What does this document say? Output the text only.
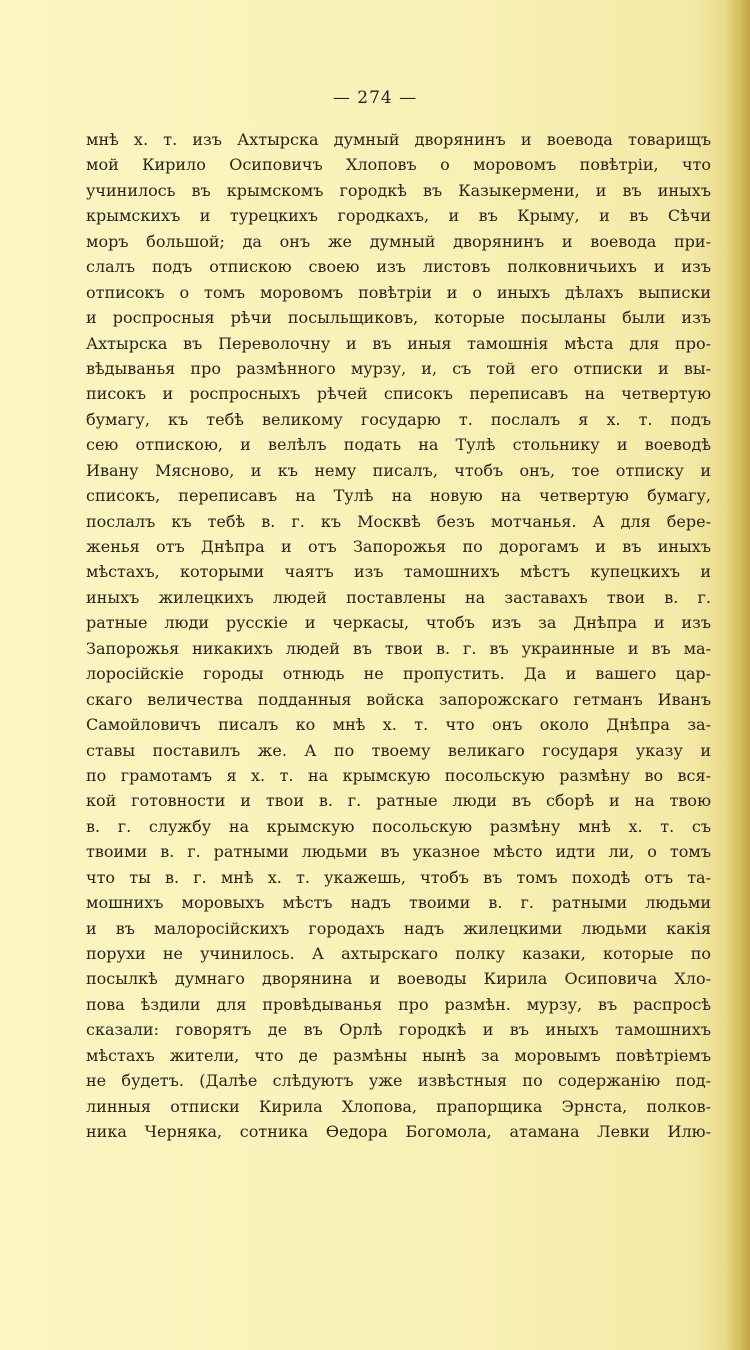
— 274 —
мнѣ х. т. изъ Ахтырска думный дворянинъ и воевода товарищъ
мой Кирило Осиповичъ Хлоповъ о моровомъ повѣтріи, что
учинилось въ крымскомъ городкѣ въ Казыкермени, и въ иныхъ
крымскихъ и турецкихъ городкахъ, и въ Крыму, и въ Сѣчи
моръ большой; да онъ же думный дворянинъ и воевода при-
слалъ подъ отпискою своею изъ листовъ полковничьихъ и изъ
отписокъ о томъ моровомъ повѣтріи и о иныхъ дѣлахъ выписки
и роспросныя рѣчи посыльщиковъ, которые посыланы были изъ
Ахтырска въ Переволочну и въ иныя тамошнія мѣста для про-
вѣдыванья про размѣнного мурзу, и, съ той его отписки и вы-
писокъ и роспросныхъ рѣчей списокъ переписавъ на четвертую
бумагу, къ тебѣ великому государю т. послалъ я х. т. подъ
сею отпискою, и велѣлъ подать на Тулѣ стольнику и воеводѣ
Ивану Мясново, и къ нему писалъ, чтобъ онъ, тое отписку и
списокъ, переписавъ на Тулѣ на новую на четвертую бумагу,
послалъ къ тебѣ в. г. къ Москвѣ безъ мотчанья. А для бере-
женья отъ Днѣпра и отъ Запорожья по дорогамъ и въ иныхъ
мѣстахъ, которыми чаятъ изъ тамошнихъ мѣстъ купецкихъ и
иныхъ жилецкихъ людей поставлены на заставахъ твои в. г.
ратные люди русскіе и черкасы, чтобъ изъ за Днѣпра и изъ
Запорожья никакихъ людей въ твои в. г. въ украинные и въ ма-
лоросійскіе городы отнюдь не пропустить. Да и вашего цар-
скаго величества подданныя войска запорожскаго гетманъ Иванъ
Самойловичъ писалъ ко мнѣ х. т. что онъ около Днѣпра за-
ставы поставилъ же. А по твоему великаго государя указу и
по грамотамъ я х. т. на крымскую посольскую размѣну во вся-
кой готовности и твои в. г. ратные люди въ сборѣ и на твою
в. г. службу на крымскую посольскую размѣну мнѣ х. т. съ
твоими в. г. ратными людьми въ указное мѣсто идти ли, о томъ
что ты в. г. мнѣ х. т. укажешь, чтобъ въ томъ походѣ отъ та-
мошнихъ моровыхъ мѣстъ надъ твоими в. г. ратными людьми
и въ малоросійскихъ городахъ надъ жилецкими людьми какія
порухи не учинилось. А ахтырскаго полку казаки, которые по
посылкѣ думнаго дворянина и воеводы Кирила Осиповича Хло-
пова ѣздили для провѣдыванья про размѣн. мурзу, въ распросѣ
сказали: говорятъ де въ Орлѣ городкѣ и въ иныхъ тамошнихъ
мѣстахъ жители, что де размѣны нынѣ за моровымъ повѣтріемъ
не будетъ. (Далѣе слѣдуютъ уже извѣстныя по содержанію под-
линныя отписки Кирила Хлопова, прапорщика Эрнста, полков-
ника Черняка, сотника Ѳедора Богомола, атамана Левки Илю-
